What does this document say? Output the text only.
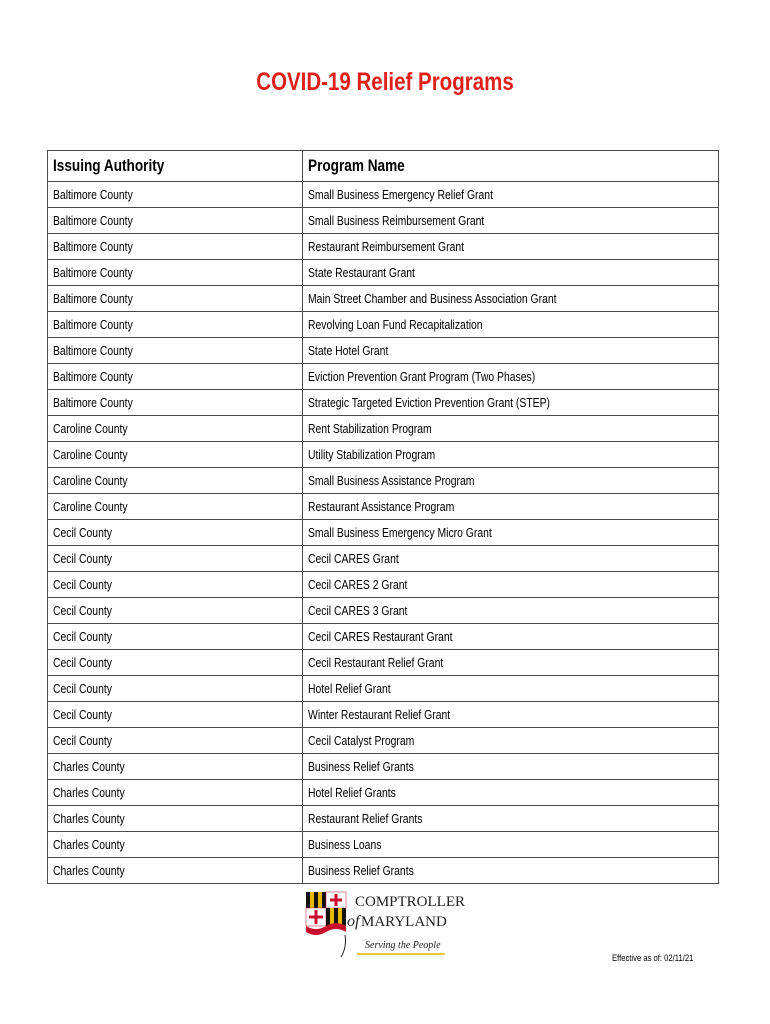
COVID-19 Relief Programs
Issuing Authority	Program Name
Baltimore County	Small Business Emergency Relief Grant
Baltimore County	Small Business Reimbursement Grant
Baltimore County	Restaurant Reimbursement Grant
Baltimore County	State Restaurant Grant
Baltimore County	Main Street Chamber and Business Association Grant
Baltimore County	Revolving Loan Fund Recapitalization
Baltimore County	State Hotel Grant
Baltimore County	Eviction Prevention Grant Program (Two Phases)
Baltimore County	Strategic Targeted Eviction Prevention Grant (STEP)
Caroline County	Rent Stabilization Program
Caroline County	Utility Stabilization Program
Caroline County	Small Business Assistance Program
Caroline County	Restaurant Assistance Program
Cecil County	Small Business Emergency Micro Grant
Cecil County	Cecil CARES Grant
Cecil County	Cecil CARES 2 Grant
Cecil County	Cecil CARES 3 Grant
Cecil County	Cecil CARES Restaurant Grant
Cecil County	Cecil Restaurant Relief Grant
Cecil County	Hotel Relief Grant
Cecil County	Winter Restaurant Relief Grant
Cecil County	Cecil Catalyst Program
Charles County	Business Relief Grants
Charles County	Hotel Relief Grants
Charles County	Restaurant Relief Grants
Charles County	Business Loans
Charles County	Business Relief Grants
COMPTROLLER
of MARYLAND
Serving the People
Effective as of: 02/11/21
